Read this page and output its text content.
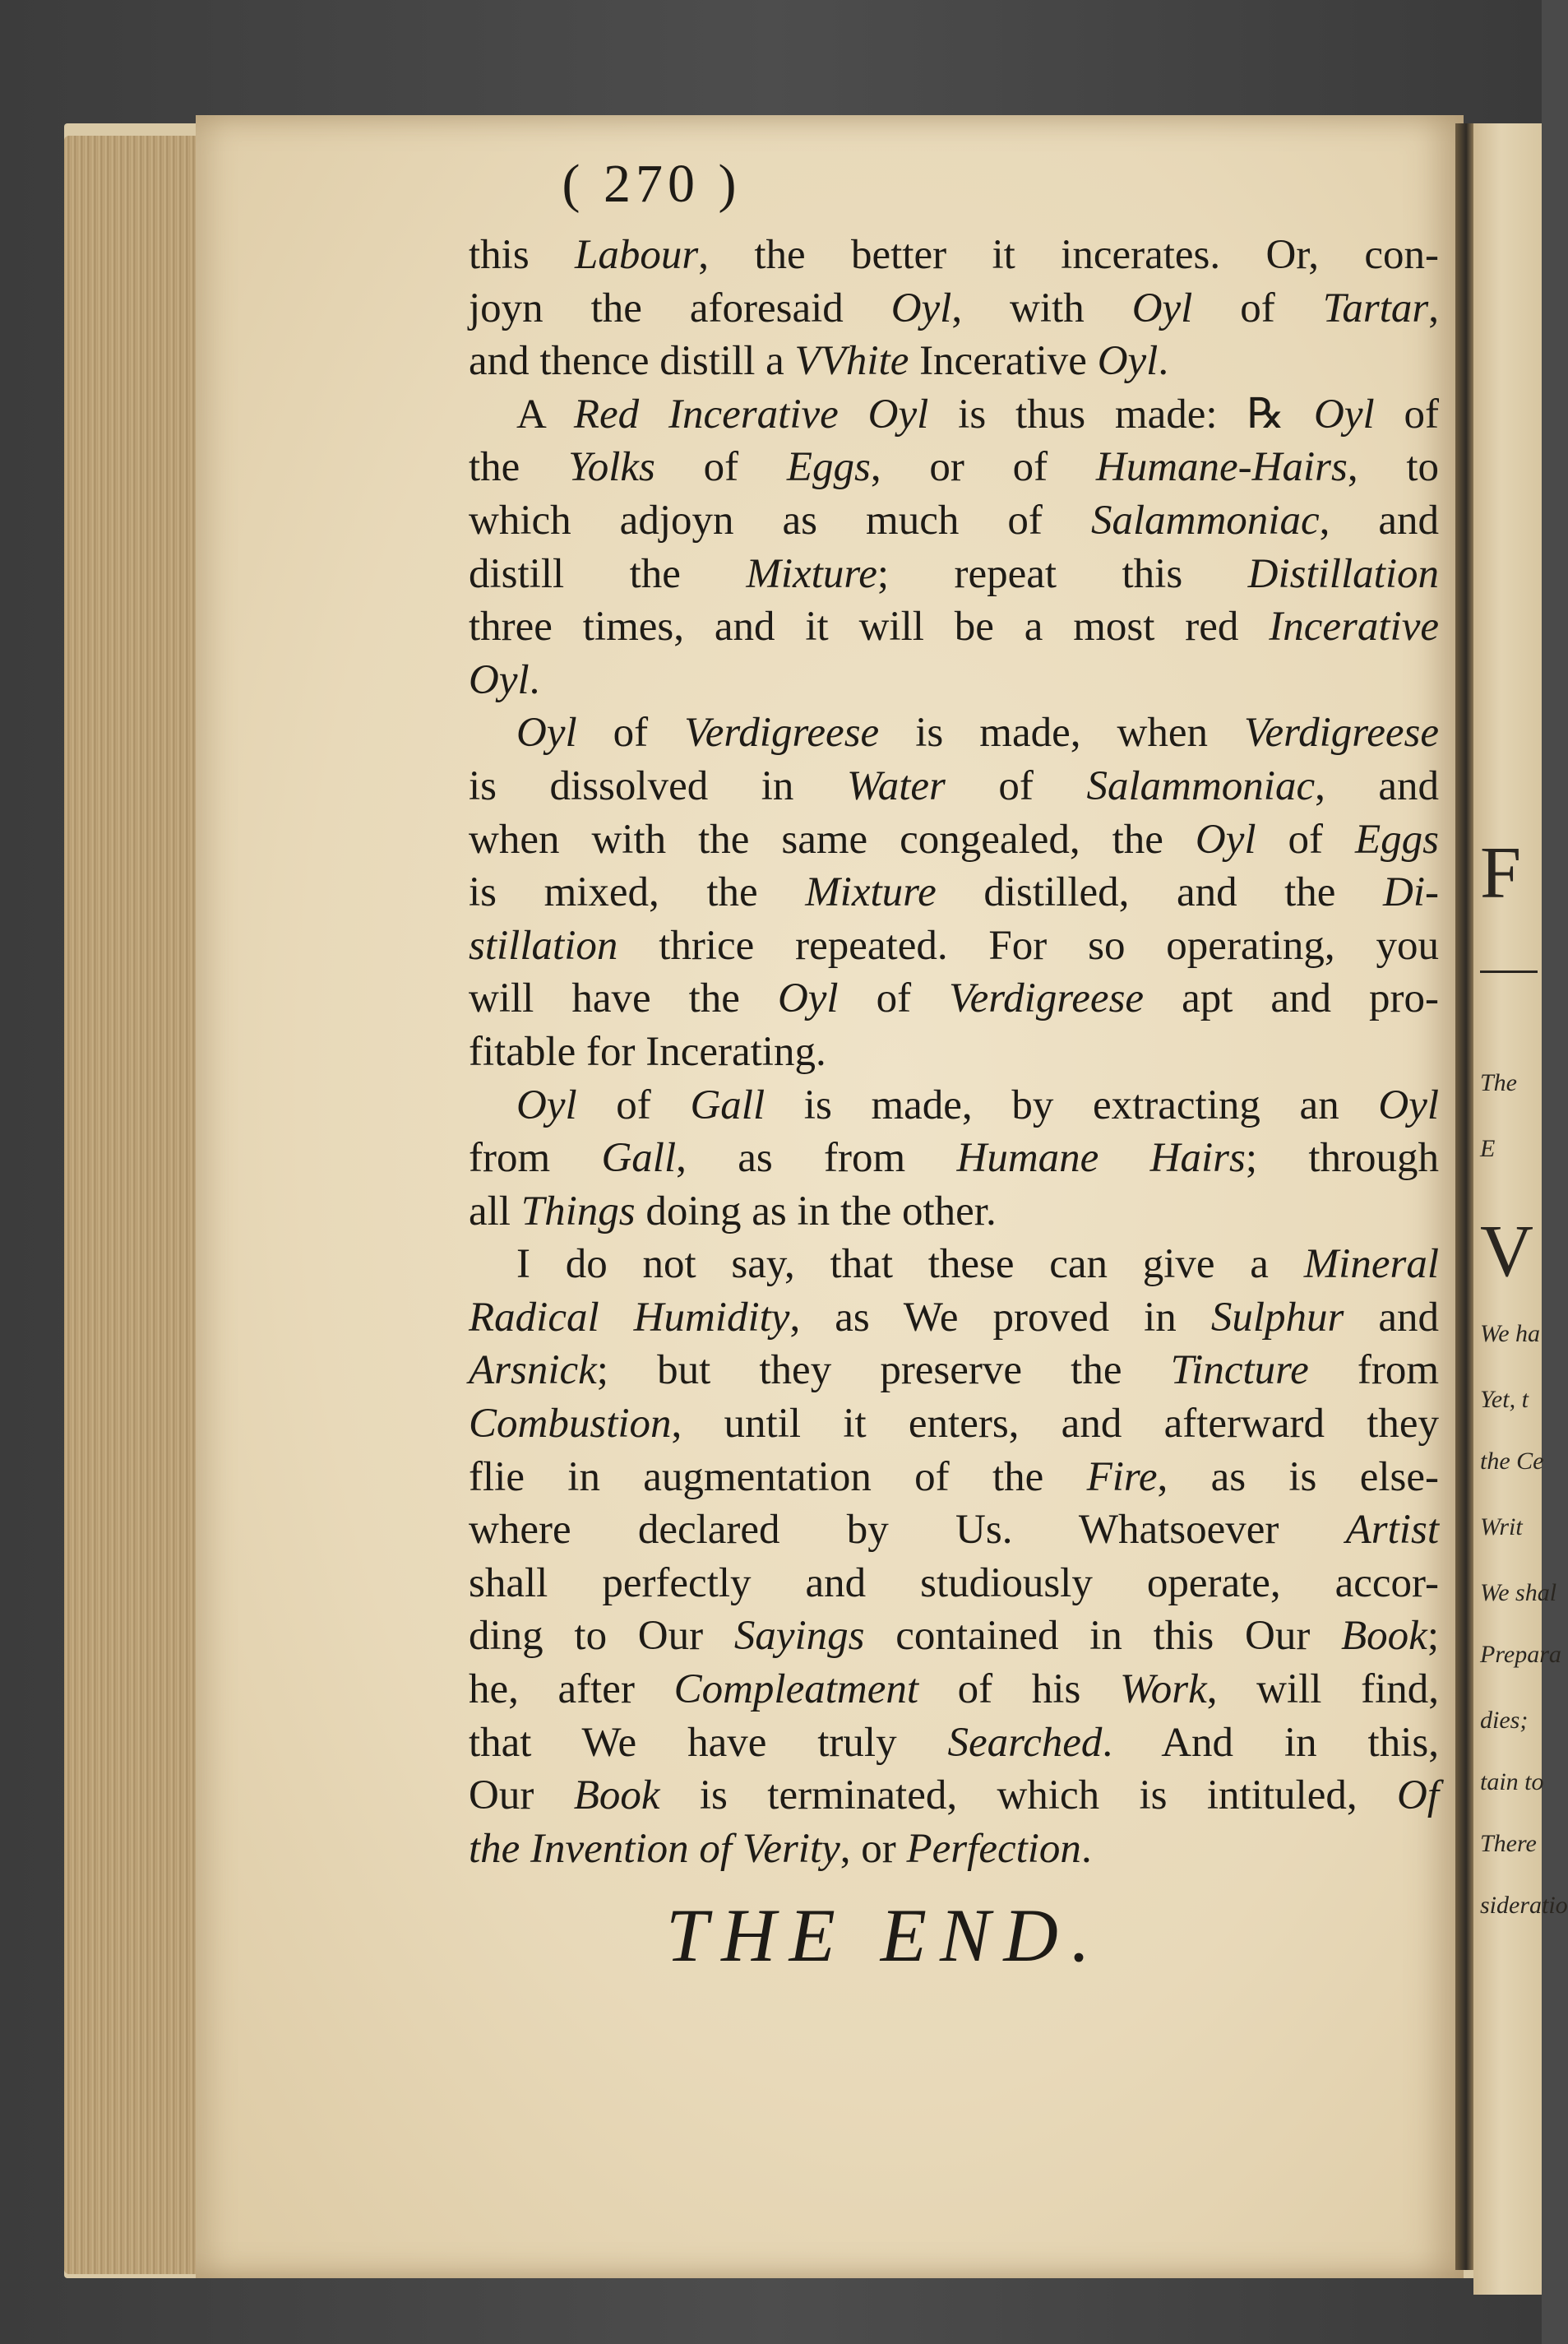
F
The
E
V
We ha
Yet, t
the Ce
Writ
We shal
Prepara
dies;
tain to
There
sideratio
( 270 )
this Labour, the better it incerates. Or, con-
joyn the aforesaid Oyl, with Oyl of Tartar,
and thence distill a VVhite Incerative Oyl.
A Red Incerative Oyl is thus made: ℞ Oyl of
the Yolks of Eggs, or of Humane-Hairs, to
which adjoyn as much of Salammoniac, and
distill the Mixture; repeat this Distillation
three times, and it will be a most red Incerative
Oyl.
Oyl of Verdigreese is made, when Verdigreese
is dissolved in Water of Salammoniac, and
when with the same congealed, the Oyl of Eggs
is mixed, the Mixture distilled, and the Di-
stillation thrice repeated. For so operating, you
will have the Oyl of Verdigreese apt and pro-
fitable for Incerating.
Oyl of Gall is made, by extracting an Oyl
from Gall, as from Humane Hairs; through
all Things doing as in the other.
I do not say, that these can give a Mineral
Radical Humidity, as We proved in Sulphur and
Arsnick; but they preserve the Tincture from
Combustion, until it enters, and afterward they
flie in augmentation of the Fire, as is else-
where declared by Us. Whatsoever Artist
shall perfectly and studiously operate, accor-
ding to Our Sayings contained in this Our Book;
he, after Compleatment of his Work, will find,
that We have truly Searched. And in this,
Our Book is terminated, which is intituled, Of
the Invention of Verity, or Perfection.
THE END.
